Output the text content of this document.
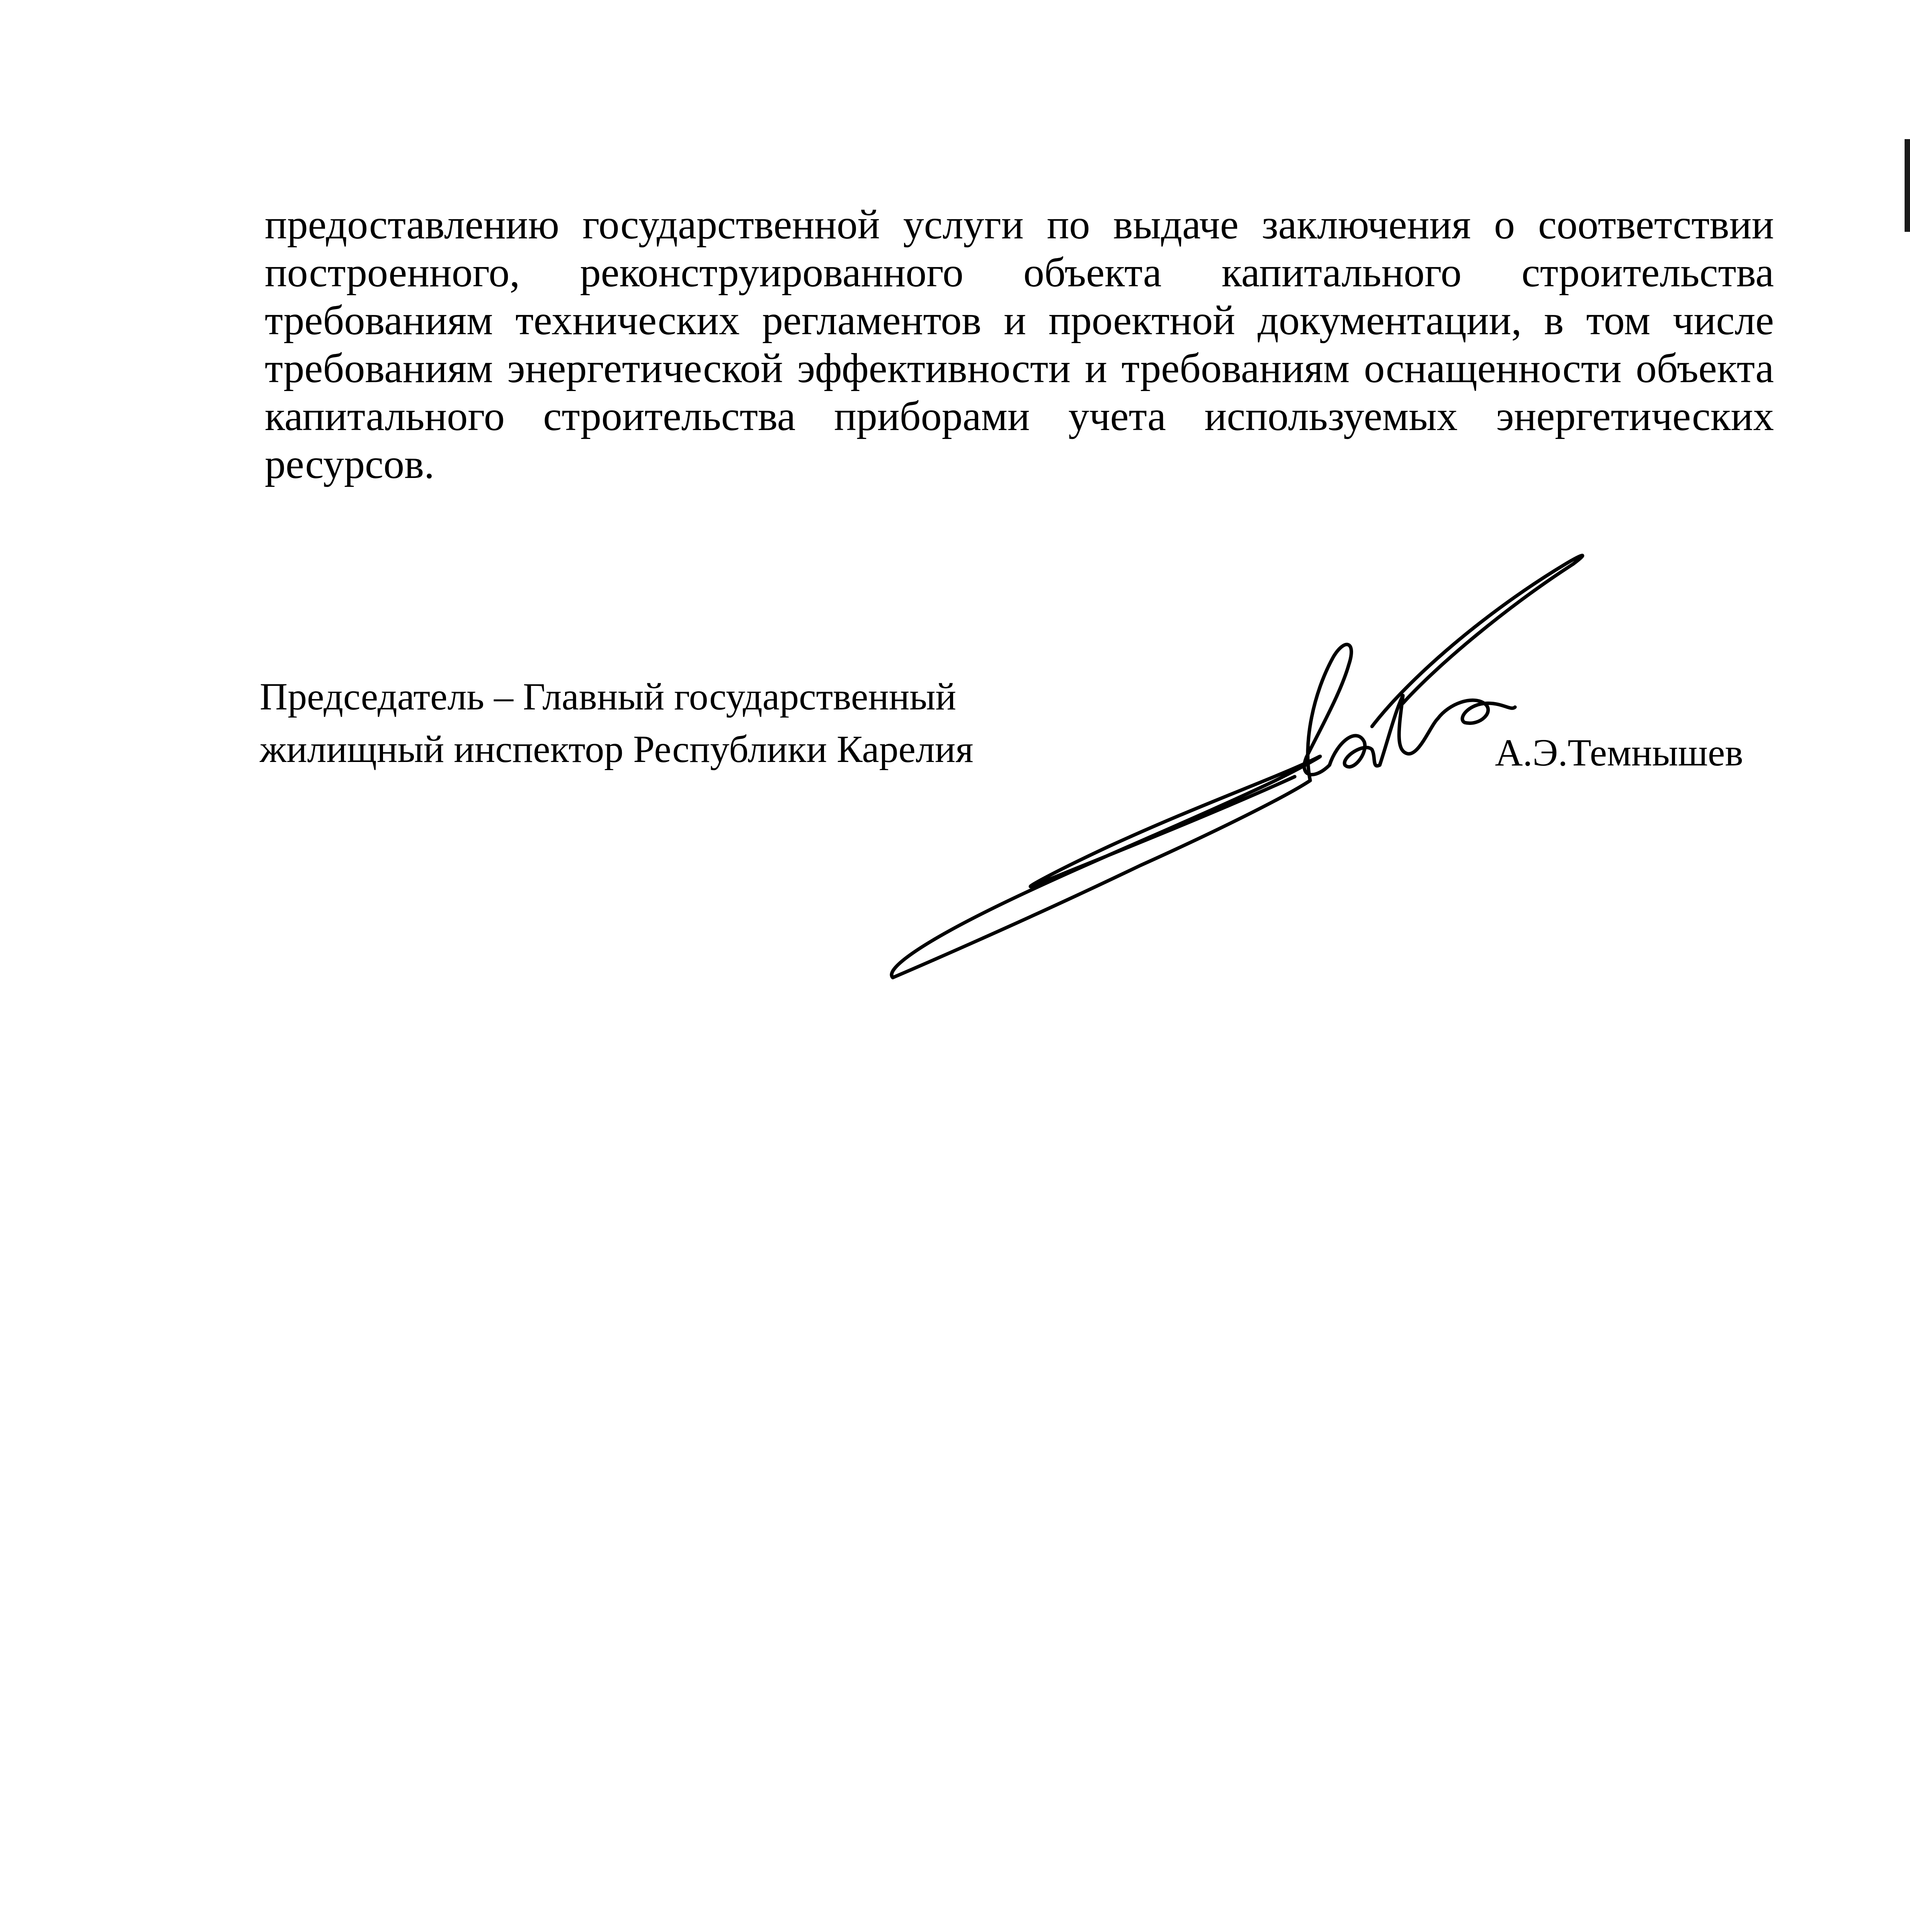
предоставлению государственной услуги по выдаче заключения о соответствии
построенного, реконструированного объекта капитального строительства
требованиям технических регламентов и проектной документации, в том числе
требованиям энергетической эффективности и требованиям оснащенности объекта
капитального строительства приборами учета используемых энергетических
ресурсов.
Председатель – Главный государственный
жилищный инспектор Республики Карелия	А.Э.Темнышев
